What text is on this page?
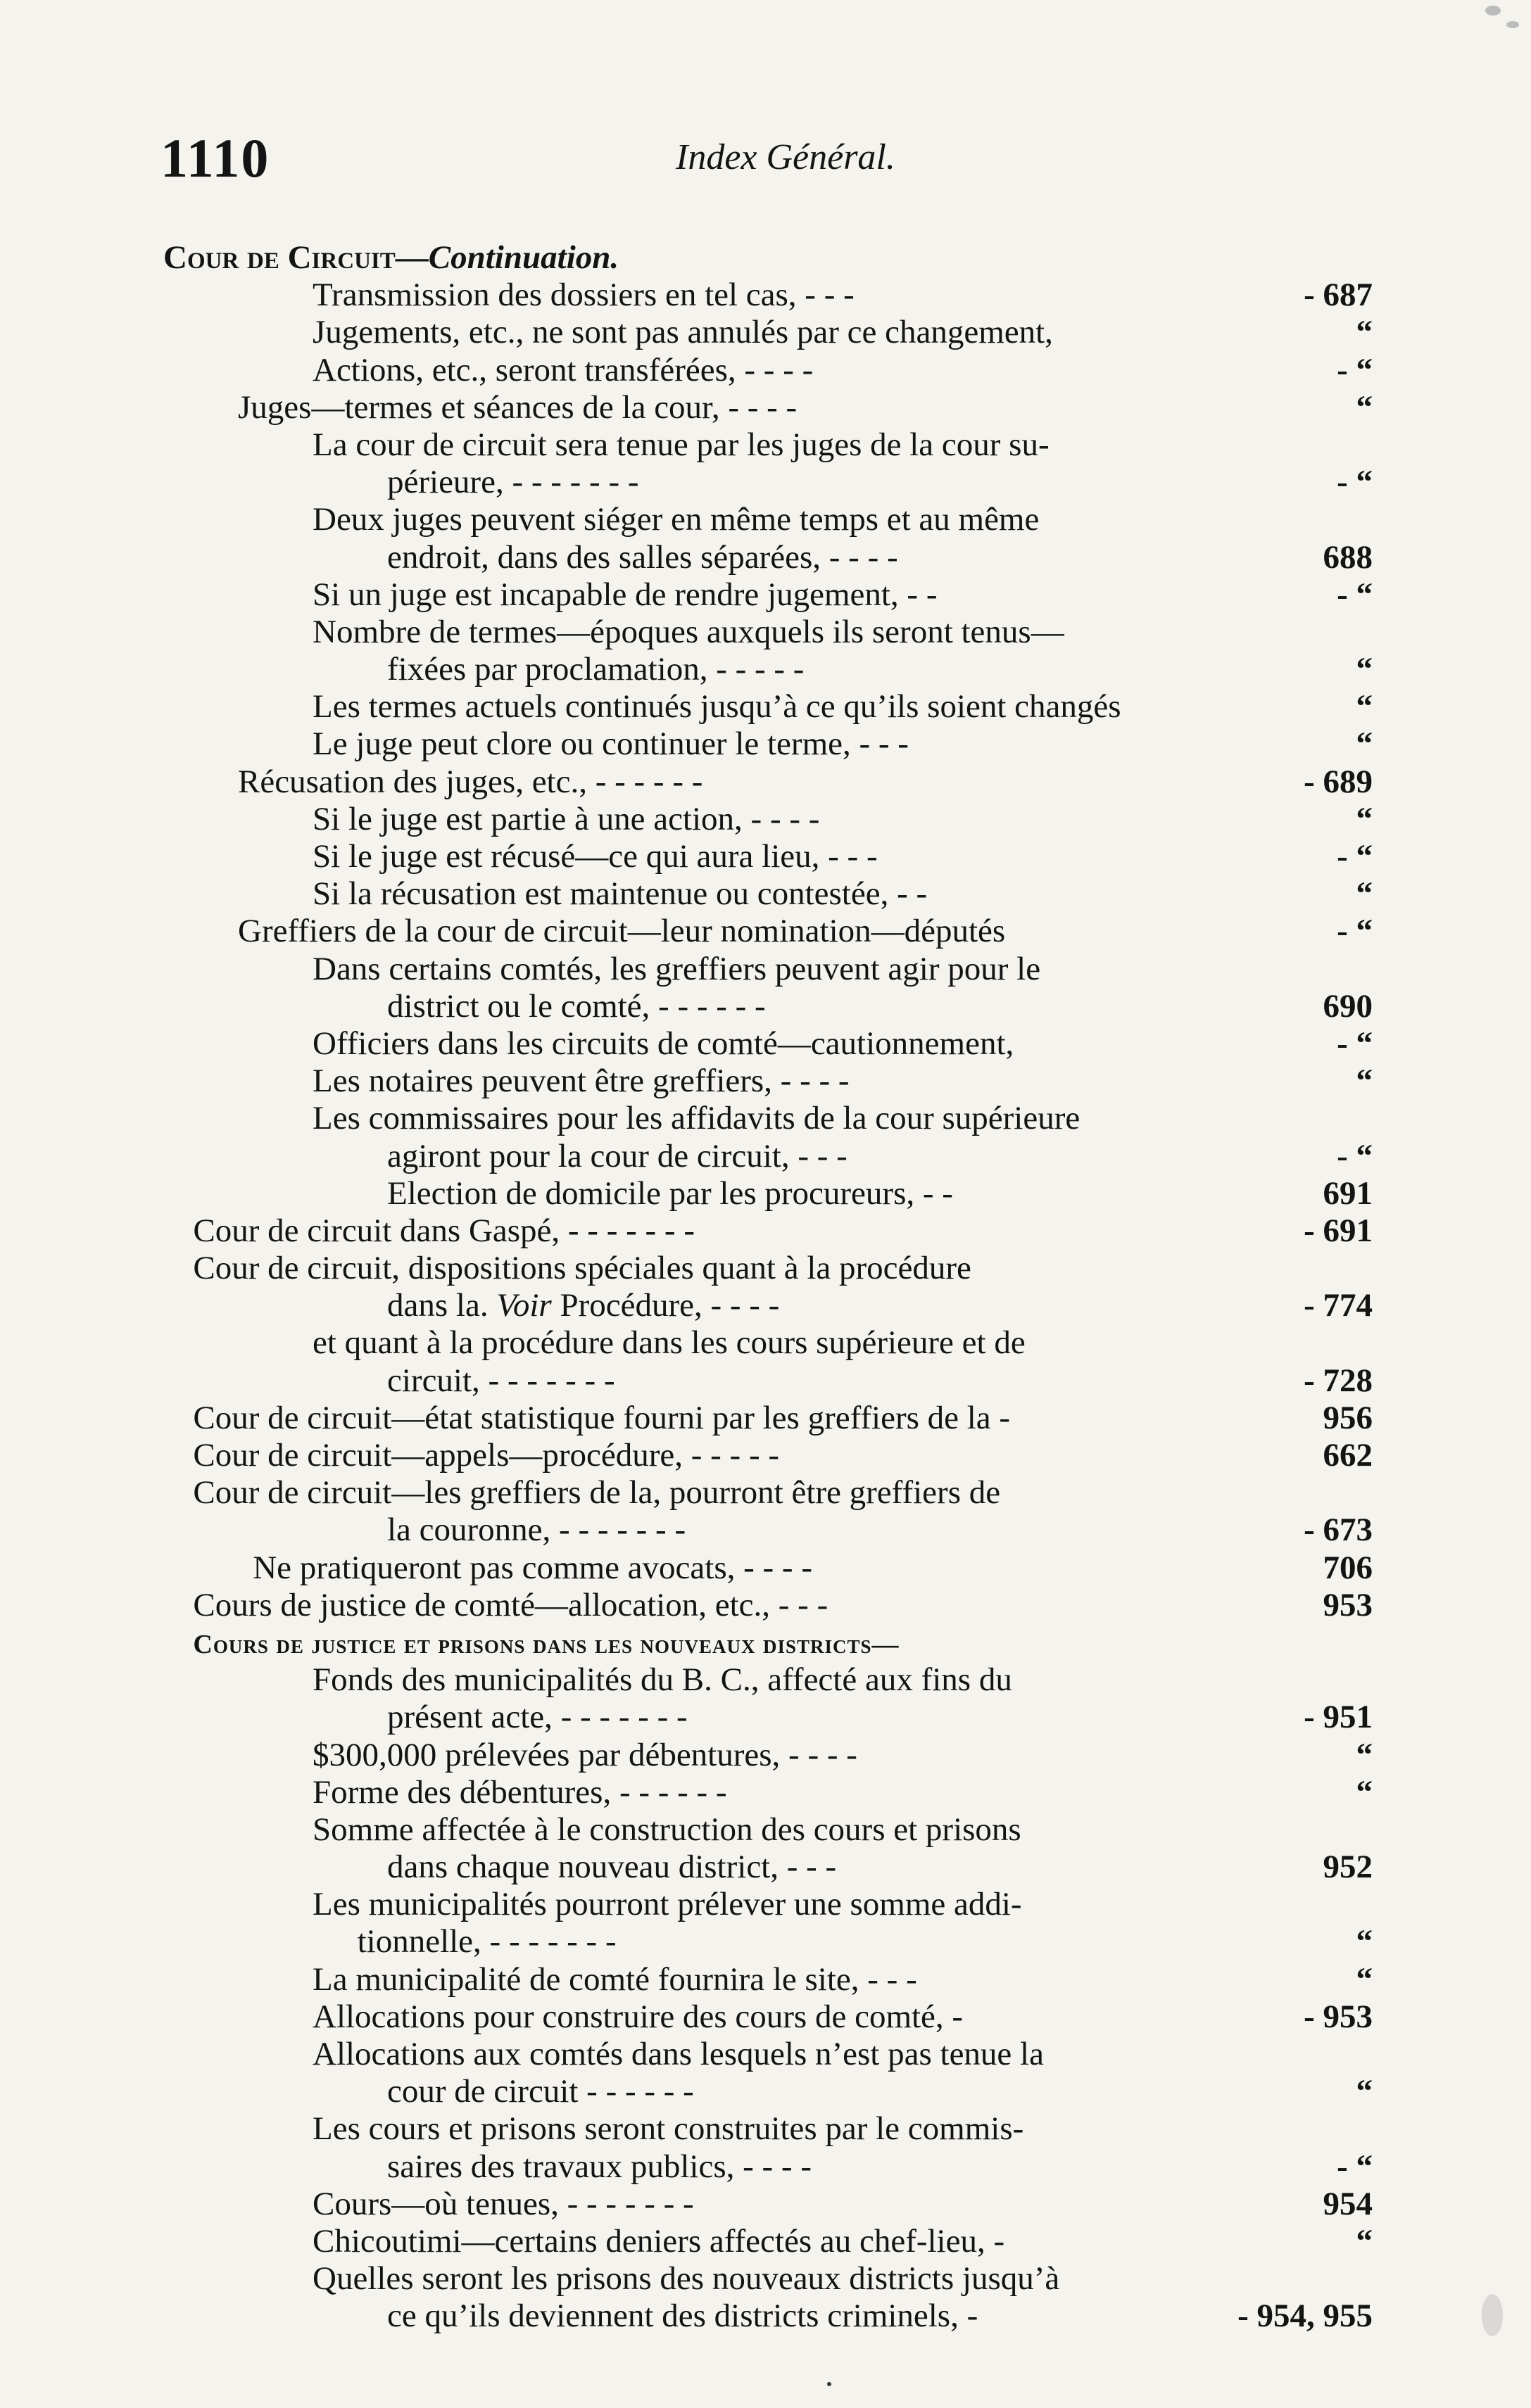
1110	Index Général.
Cour de Circuit—Continuation.
Transmission des dossiers en tel cas, - - -	- 687
Jugements, etc., ne sont pas annulés par ce changement,	“
Actions, etc., seront transférées, - - - -	- “
Juges—termes et séances de la cour, - - - -	“
La cour de circuit sera tenue par les juges de la cour su-
périeure, - - - - - - -	- “
Deux juges peuvent siéger en même temps et au même
endroit, dans des salles séparées, - - - -	688
Si un juge est incapable de rendre jugement, - -	- “
Nombre de termes—époques auxquels ils seront tenus—
fixées par proclamation, - - - - -	“
Les termes actuels continués jusqu’à ce qu’ils soient changés	“
Le juge peut clore ou continuer le terme, - - -	“
Récusation des juges, etc., - - - - - -	- 689
Si le juge est partie à une action, - - - -	“
Si le juge est récusé—ce qui aura lieu, - - -	- “
Si la récusation est maintenue ou contestée, - -	“
Greffiers de la cour de circuit—leur nomination—députés	- “
Dans certains comtés, les greffiers peuvent agir pour le
district ou le comté, - - - - - -	690
Officiers dans les circuits de comté—cautionnement,	- “
Les notaires peuvent être greffiers, - - - -	“
Les commissaires pour les affidavits de la cour supérieure
agiront pour la cour de circuit, - - -	- “
Election de domicile par les procureurs, - -	691
Cour de circuit dans Gaspé, - - - - - - -	- 691
Cour de circuit, dispositions spéciales quant à la procédure
dans la. Voir Procédure, - - - -	- 774
et quant à la procédure dans les cours supérieure et de
circuit, - - - - - - -	- 728
Cour de circuit—état statistique fourni par les greffiers de la -	956
Cour de circuit—appels—procédure, - - - - -	662
Cour de circuit—les greffiers de la, pourront être greffiers de
la couronne, - - - - - - -	- 673
Ne pratiqueront pas comme avocats, - - - -	706
Cours de justice de comté—allocation, etc., - - -	953
Cours de justice et prisons dans les nouveaux districts—
Fonds des municipalités du B. C., affecté aux fins du
présent acte, - - - - - - -	- 951
$300,000 prélevées par débentures, - - - -	“
Forme des débentures, - - - - - -	“
Somme affectée à le construction des cours et prisons
dans chaque nouveau district, - - -	952
Les municipalités pourront prélever une somme addi-
tionnelle, - - - - - - -	“
La municipalité de comté fournira le site, - - -	“
Allocations pour construire des cours de comté, -	- 953
Allocations aux comtés dans lesquels n’est pas tenue la
cour de circuit - - - - - -	“
Les cours et prisons seront construites par le commis-
saires des travaux publics, - - - -	- “
Cours—où tenues, - - - - - - -	954
Chicoutimi—certains deniers affectés au chef-lieu, -	“
Quelles seront les prisons des nouveaux districts jusqu’à
ce qu’ils deviennent des districts criminels, -	- 954, 955
